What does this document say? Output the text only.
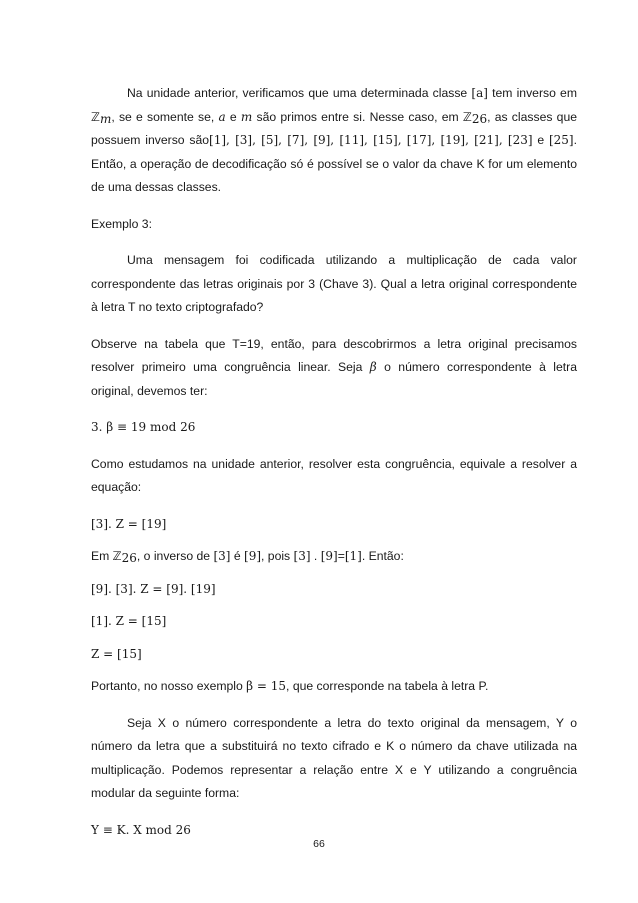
Na unidade anterior, verificamos que uma determinada classe [a] tem inverso em ℤ$_m$, se e somente se, a e m são primos entre si. Nesse caso, em ℤ$_{26}$, as classes que possuem inverso são[1], [3], [5], [7], [9], [11], [15], [17], [19], [21], [23] e [25]. Então, a operação de decodificação só é possível se o valor da chave K for um elemento de uma dessas classes.

Exemplo 3:

Uma mensagem foi codificada utilizando a multiplicação de cada valor correspondente das letras originais por 3 (Chave 3). Qual a letra original correspondente à letra T no texto criptografado?

Observe na tabela que T=19, então, para descobrirmos a letra original precisamos resolver primeiro uma congruência linear. Seja β o número correspondente à letra original, devemos ter:

3. β ≡ 19 mod 26

Como estudamos na unidade anterior, resolver esta congruência, equivale a resolver a equação:

[3]. Z = [19]

Em ℤ$_{26}$, o inverso de [3] é [9], pois [3] . [9]=[1]. Então:

[9]. [3]. Z = [9]. [19]

[1]. Z = [15]

Z = [15]

Portanto, no nosso exemplo β = 15, que corresponde na tabela à letra P.

Seja X o número correspondente a letra do texto original da mensagem, Y o número da letra que a substituirá no texto cifrado e K o número da chave utilizada na multiplicação. Podemos representar a relação entre X e Y utilizando a congruência modular da seguinte forma:

Y ≡ K. X mod 26

66
